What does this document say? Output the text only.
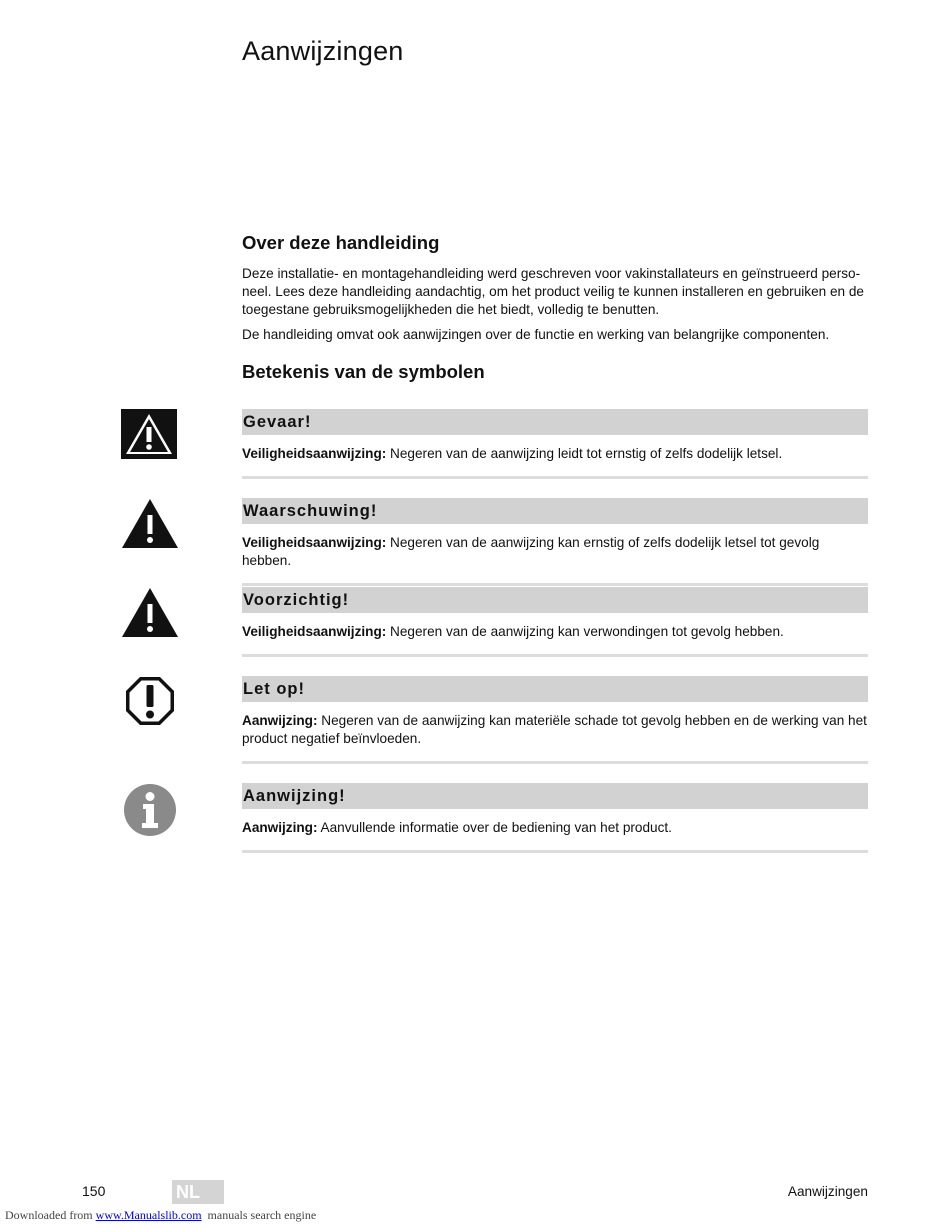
Aanwijzingen
Over deze handleiding

Deze installatie- en montagehandleiding werd geschreven voor vakinstallateurs en geïnstrueerd perso-neel. Lees deze handleiding aandachtig, om het product veilig te kunnen installeren en gebruiken en de toegestane gebruiksmogelijkheden die het biedt, volledig te benutten.

De handleiding omvat ook aanwijzingen over de functie en werking van belangrijke componenten.

Betekenis van de symbolen
Gevaar!
Veiligheidsaanwijzing: Negeren van de aanwijzing leidt tot ernstig of zelfs dodelijk letsel.
Waarschuwing!
Veiligheidsaanwijzing: Negeren van de aanwijzing kan ernstig of zelfs dodelijk letsel tot gevolg hebben.
Voorzichtig!
Veiligheidsaanwijzing: Negeren van de aanwijzing kan verwondingen tot gevolg hebben.
Let op!
Aanwijzing: Negeren van de aanwijzing kan materiële schade tot gevolg hebben en de werking van het product negatief beïnvloeden.
Aanwijzing!
Aanwijzing: Aanvullende informatie over de bediening van het product.
150	NL	Aanwijzingen
Downloaded from www.Manualslib.com  manuals search engine
